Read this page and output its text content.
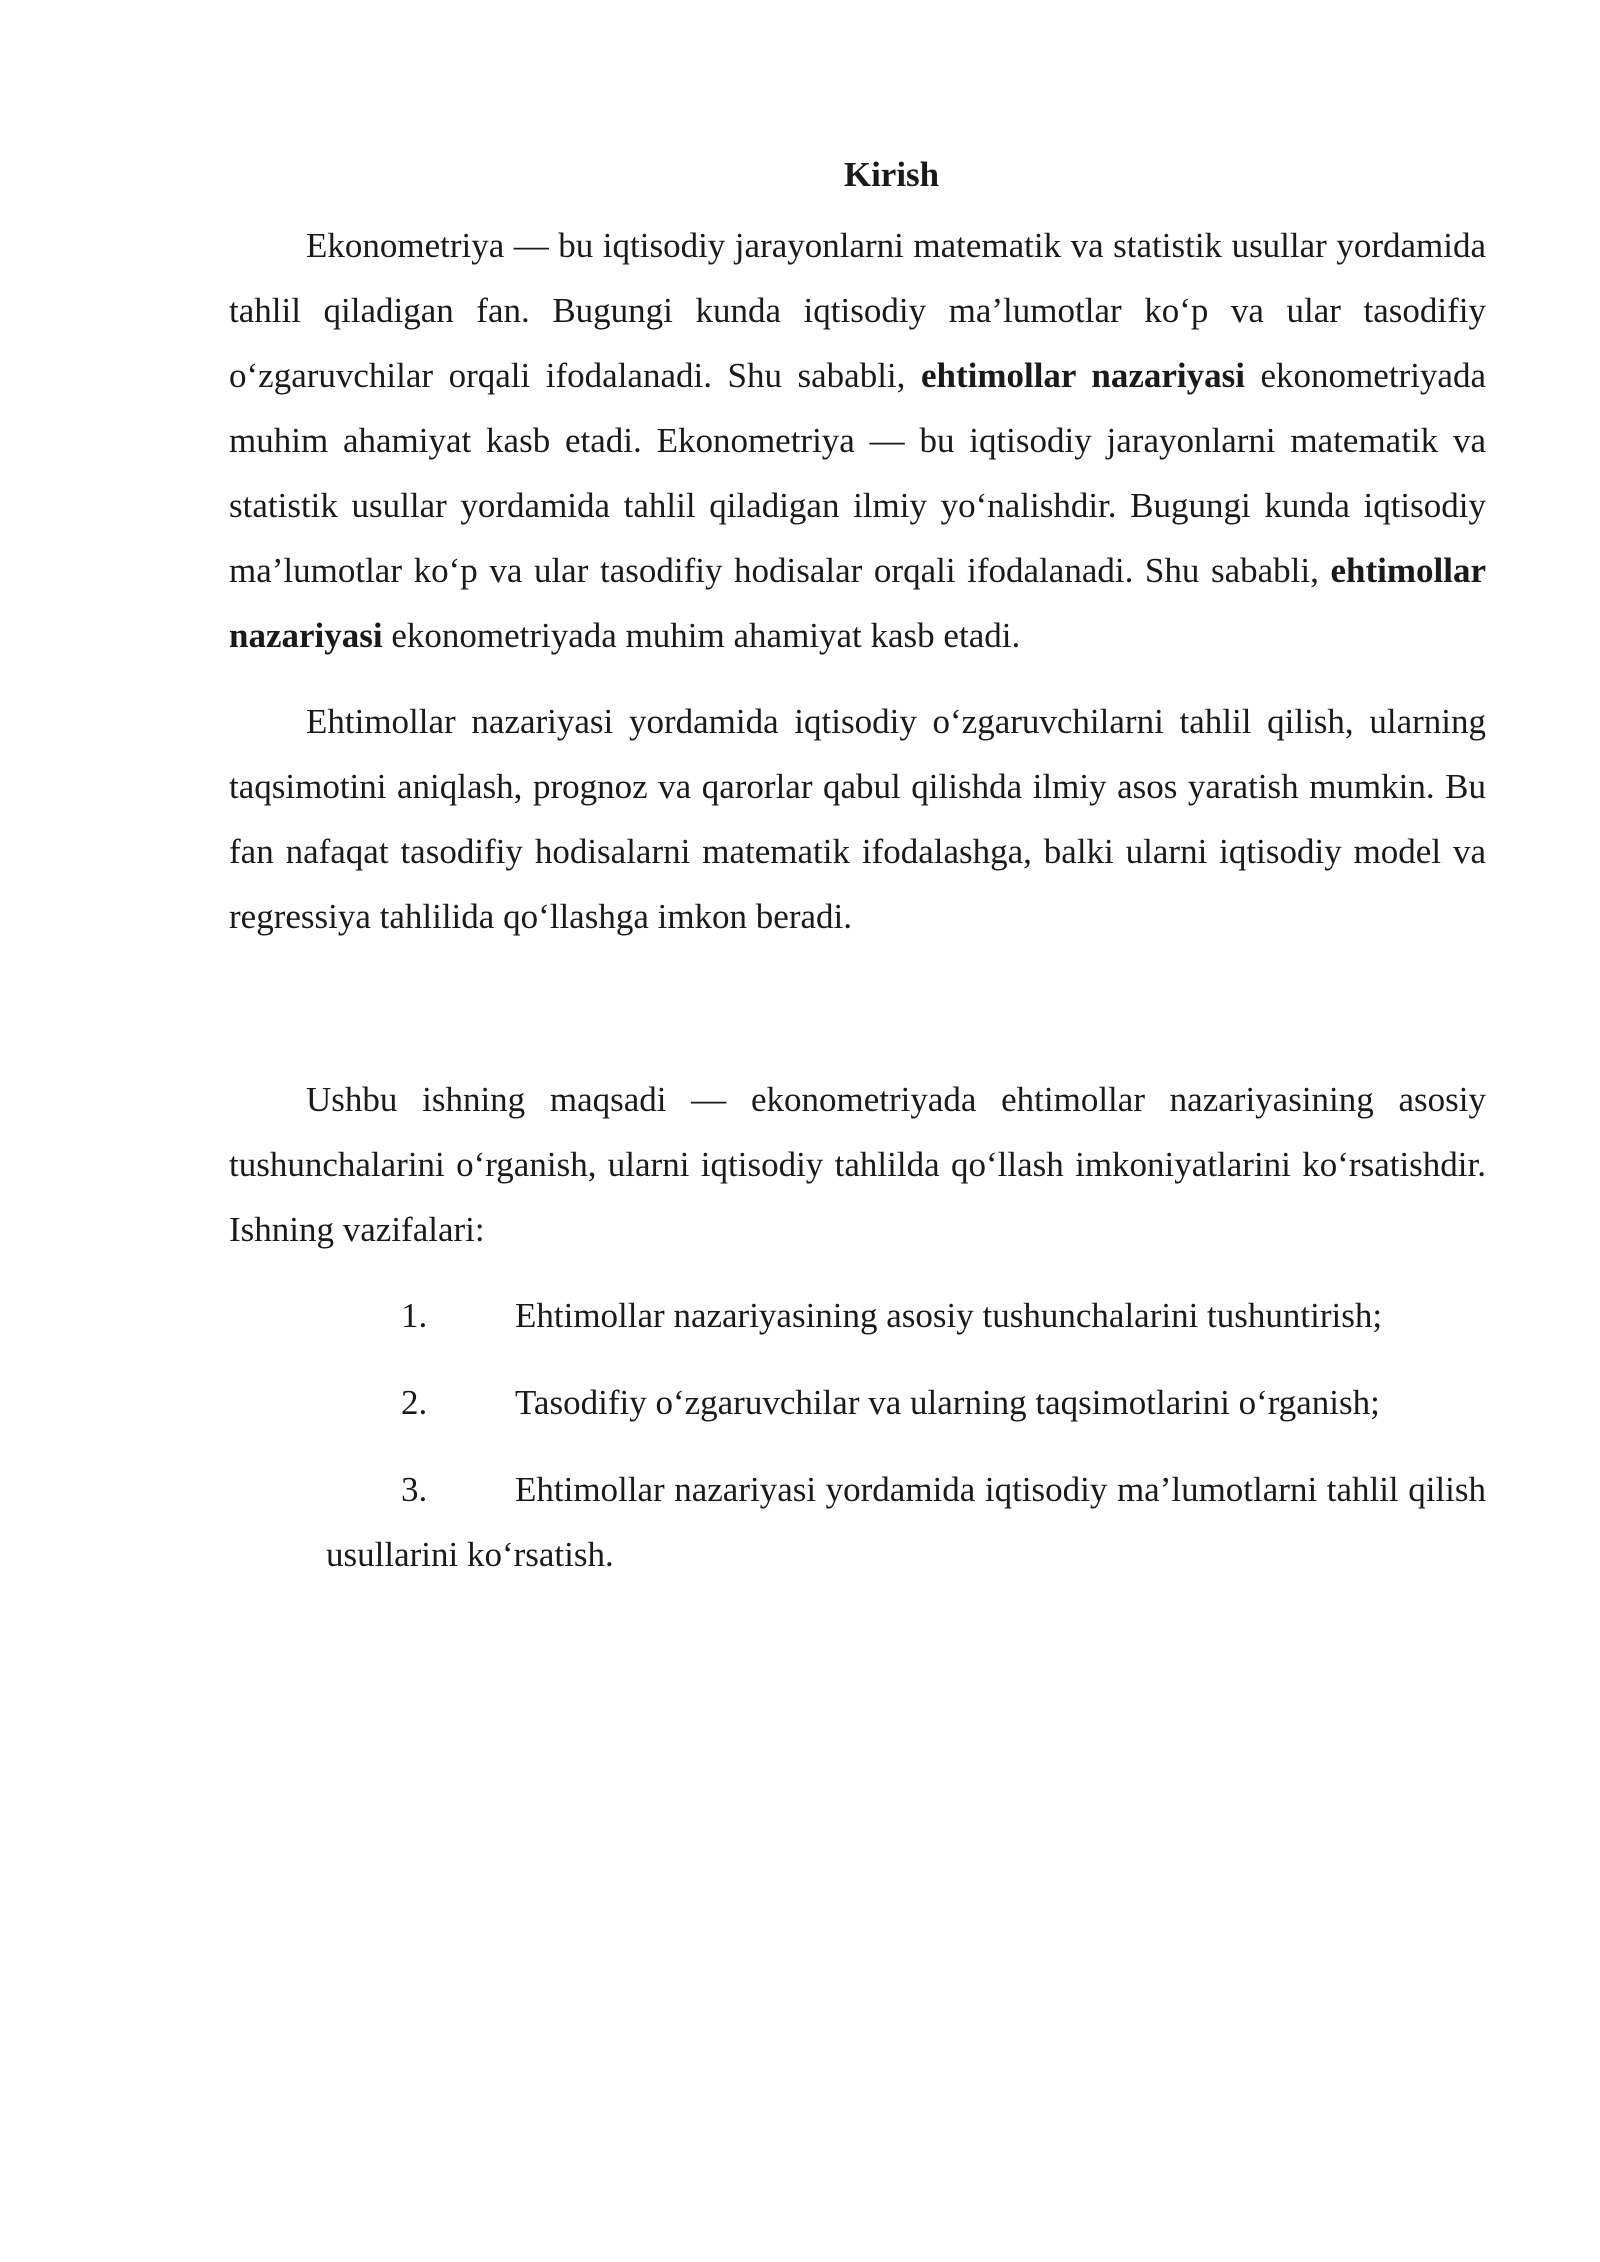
Kirish

Ekonometriya — bu iqtisodiy jarayonlarni matematik va statistik usullar yordamida tahlil qiladigan fan. Bugungi kunda iqtisodiy ma’lumotlar ko‘p va ular tasodifiy o‘zgaruvchilar orqali ifodalanadi. Shu sababli, ehtimollar nazariyasi ekonometriyada muhim ahamiyat kasb etadi. Ekonometriya — bu iqtisodiy jarayonlarni matematik va statistik usullar yordamida tahlil qiladigan ilmiy yo‘nalishdir. Bugungi kunda iqtisodiy ma’lumotlar ko‘p va ular tasodifiy hodisalar orqali ifodalanadi. Shu sababli, ehtimollar nazariyasi ekonometriyada muhim ahamiyat kasb etadi.

Ehtimollar nazariyasi yordamida iqtisodiy o‘zgaruvchilarni tahlil qilish, ularning taqsimotini aniqlash, prognoz va qarorlar qabul qilishda ilmiy asos yaratish mumkin. Bu fan nafaqat tasodifiy hodisalarni matematik ifodalashga, balki ularni iqtisodiy model va regressiya tahlilida qo‘llashga imkon beradi.

Ushbu ishning maqsadi — ekonometriyada ehtimollar nazariyasining asosiy tushunchalarini o‘rganish, ularni iqtisodiy tahlilda qo‘llash imkoniyatlarini ko‘rsatishdir. Ishning vazifalari:

1.	Ehtimollar nazariyasining asosiy tushunchalarini tushuntirish;
2.	Tasodifiy o‘zgaruvchilar va ularning taqsimotlarini o‘rganish;
3.	Ehtimollar nazariyasi yordamida iqtisodiy ma’lumotlarni tahlil qilish usullarini ko‘rsatish.
